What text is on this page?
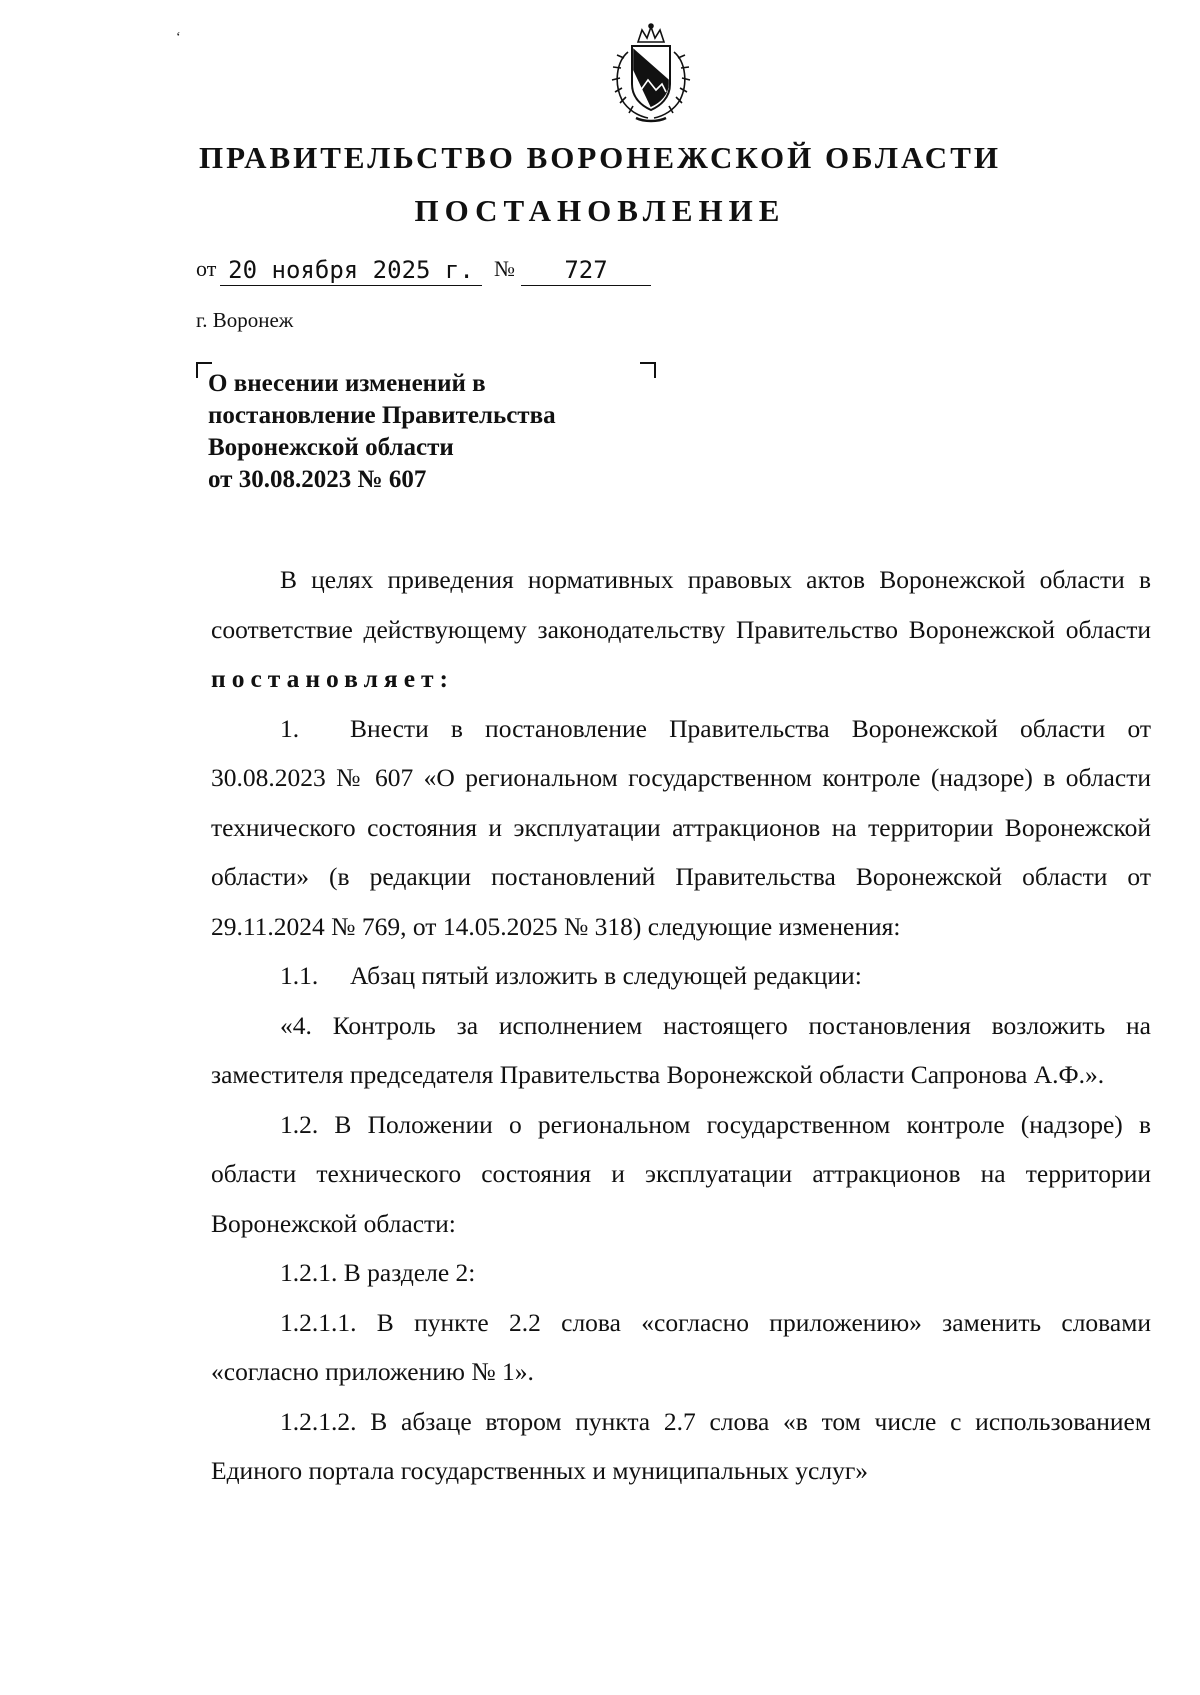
‘
ПРАВИТЕЛЬСТВО ВОРОНЕЖСКОЙ ОБЛАСТИ
ПОСТАНОВЛЕНИЕ
от 20 ноября 2025 г. №	727
г. Воронеж
О внесении изменений в
постановление Правительства
Воронежской области
от 30.08.2023 № 607

В целях приведения нормативных правовых актов Воронежской области в соответствие действующему законодательству Правительство Воронежской области постановляет:

1. Внести в постановление Правительства Воронежской области от 30.08.2023 № 607 «О региональном государственном контроле (надзоре) в области технического состояния и эксплуатации аттракционов на территории Воронежской области» (в редакции постановлений Правительства Воронежской области от 29.11.2024 № 769, от 14.05.2025 № 318) следующие изменения:

1.1. Абзац пятый изложить в следующей редакции:

«4. Контроль за исполнением настоящего постановления возложить на заместителя председателя Правительства Воронежской области Сапронова А.Ф.».

1.2. В Положении о региональном государственном контроле (надзоре) в области технического состояния и эксплуатации аттракционов на территории Воронежской области:

1.2.1. В разделе 2:

1.2.1.1. В пункте 2.2 слова «согласно приложению» заменить словами «согласно приложению № 1».

1.2.1.2. В абзаце втором пункта 2.7 слова «в том числе с использованием Единого портала государственных и муниципальных услуг»
